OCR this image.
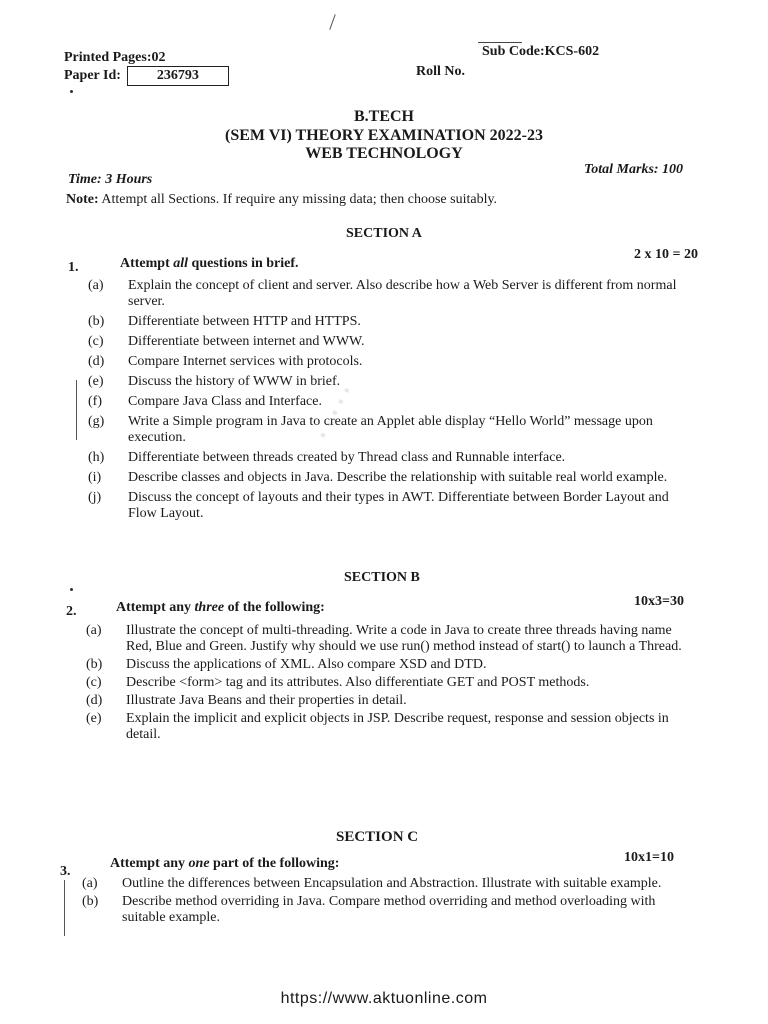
·····
Printed Pages:02
Paper Id:	236793
Sub Code:KCS-602
Roll No.
B.TECH
(SEM VI) THEORY EXAMINATION 2022-23
WEB TECHNOLOGY
Time: 3 Hours
Total Marks: 100
Note: Attempt all Sections. If require any missing data; then choose suitably.
SECTION A
1.	Attempt all questions in brief.
2 x 10 = 20
(a) Explain the concept of client and server. Also describe how a Web Server is different from normal server.
(b) Differentiate between HTTP and HTTPS.
(c) Differentiate between internet and WWW.
(d) Compare Internet services with protocols.
(e) Discuss the history of WWW in brief.
(f) Compare Java Class and Interface.
(g) Write a Simple program in Java to create an Applet able display “Hello World” message upon execution.
(h) Differentiate between threads created by Thread class and Runnable interface.
(i) Describe classes and objects in Java. Describe the relationship with suitable real world example.
(j) Discuss the concept of layouts and their types in AWT. Differentiate between Border Layout and Flow Layout.
SECTION B
2.	Attempt any three of the following:	10x3=30
(a) Illustrate the concept of multi-threading. Write a code in Java to create three threads having name Red, Blue and Green. Justify why should we use run() method instead of start() to launch a Thread.
(b) Discuss the applications of XML. Also compare XSD and DTD.
(c) Describe <form> tag and its attributes. Also differentiate GET and POST methods.
(d) Illustrate Java Beans and their properties in detail.
(e) Explain the implicit and explicit objects in JSP. Describe request, response and session objects in detail.
SECTION C
3.
Attempt any one part of the following:	10x1=10
(a) Outline the differences between Encapsulation and Abstraction. Illustrate with suitable example.
(b) Describe method overriding in Java. Compare method overriding and method overloading with suitable example.
https://www.aktuonline.com
